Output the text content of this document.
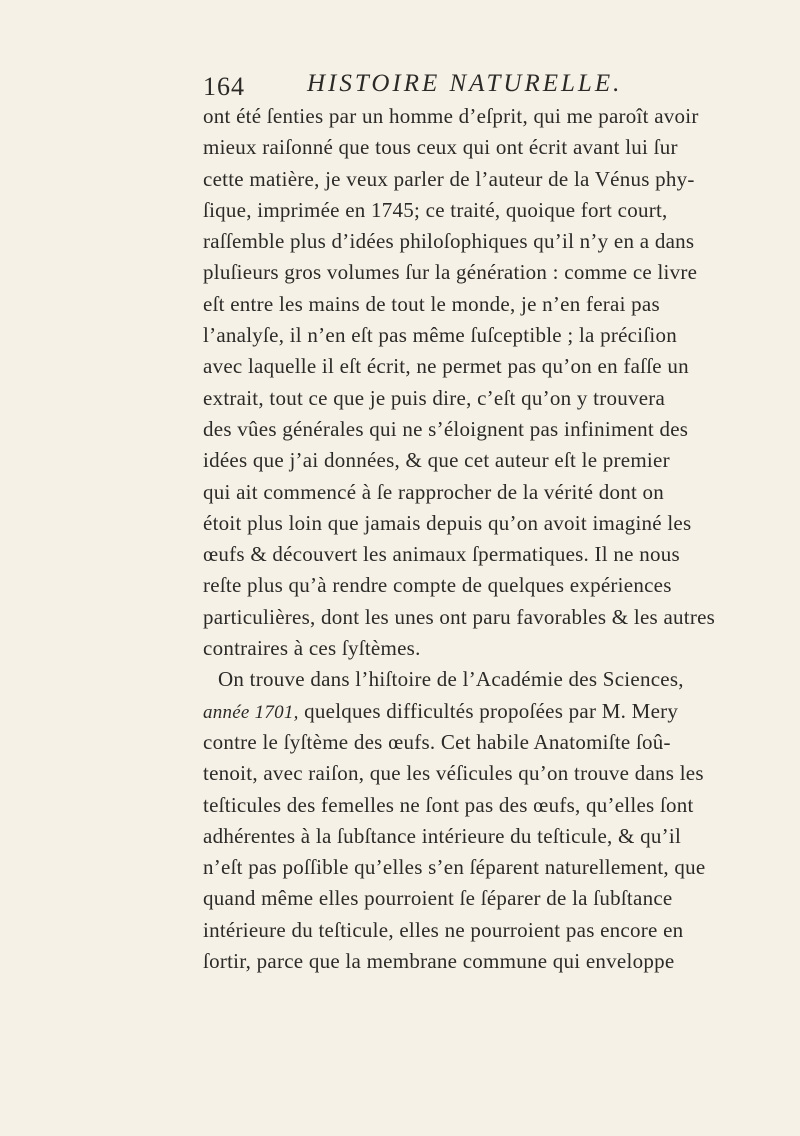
164 HISTOIRE NATURELLE.
ont été ſenties par un homme d’eſprit, qui me paroît avoir
mieux raiſonné que tous ceux qui ont écrit avant lui ſur
cette matière, je veux parler de l’auteur de la Vénus phy-
ſique, imprimée en 1745; ce traité, quoique fort court,
raſſemble plus d’idées philoſophiques qu’il n’y en a dans
pluſieurs gros volumes ſur la génération : comme ce livre
eſt entre les mains de tout le monde, je n’en ferai pas
l’analyſe, il n’en eſt pas même ſuſceptible ; la préciſion
avec laquelle il eſt écrit, ne permet pas qu’on en faſſe un
extrait, tout ce que je puis dire, c’eſt qu’on y trouvera
des vûes générales qui ne s’éloignent pas infiniment des
idées que j’ai données, & que cet auteur eſt le premier
qui ait commencé à ſe rapprocher de la vérité dont on
étoit plus loin que jamais depuis qu’on avoit imaginé les
œufs & découvert les animaux ſpermatiques. Il ne nous
reſte plus qu’à rendre compte de quelques expériences
particulières, dont les unes ont paru favorables & les autres
contraires à ces ſyſtèmes.
On trouve dans l’hiſtoire de l’Académie des Sciences,
année 1701, quelques difficultés propoſées par M. Mery
contre le ſyſtème des œufs. Cet habile Anatomiſte ſoû-
tenoit, avec raiſon, que les véſicules qu’on trouve dans les
teſticules des femelles ne ſont pas des œufs, qu’elles ſont
adhérentes à la ſubſtance intérieure du teſticule, & qu’il
n’eſt pas poſſible qu’elles s’en ſéparent naturellement, que
quand même elles pourroient ſe ſéparer de la ſubſtance
intérieure du teſticule, elles ne pourroient pas encore en
ſortir, parce que la membrane commune qui enveloppe
